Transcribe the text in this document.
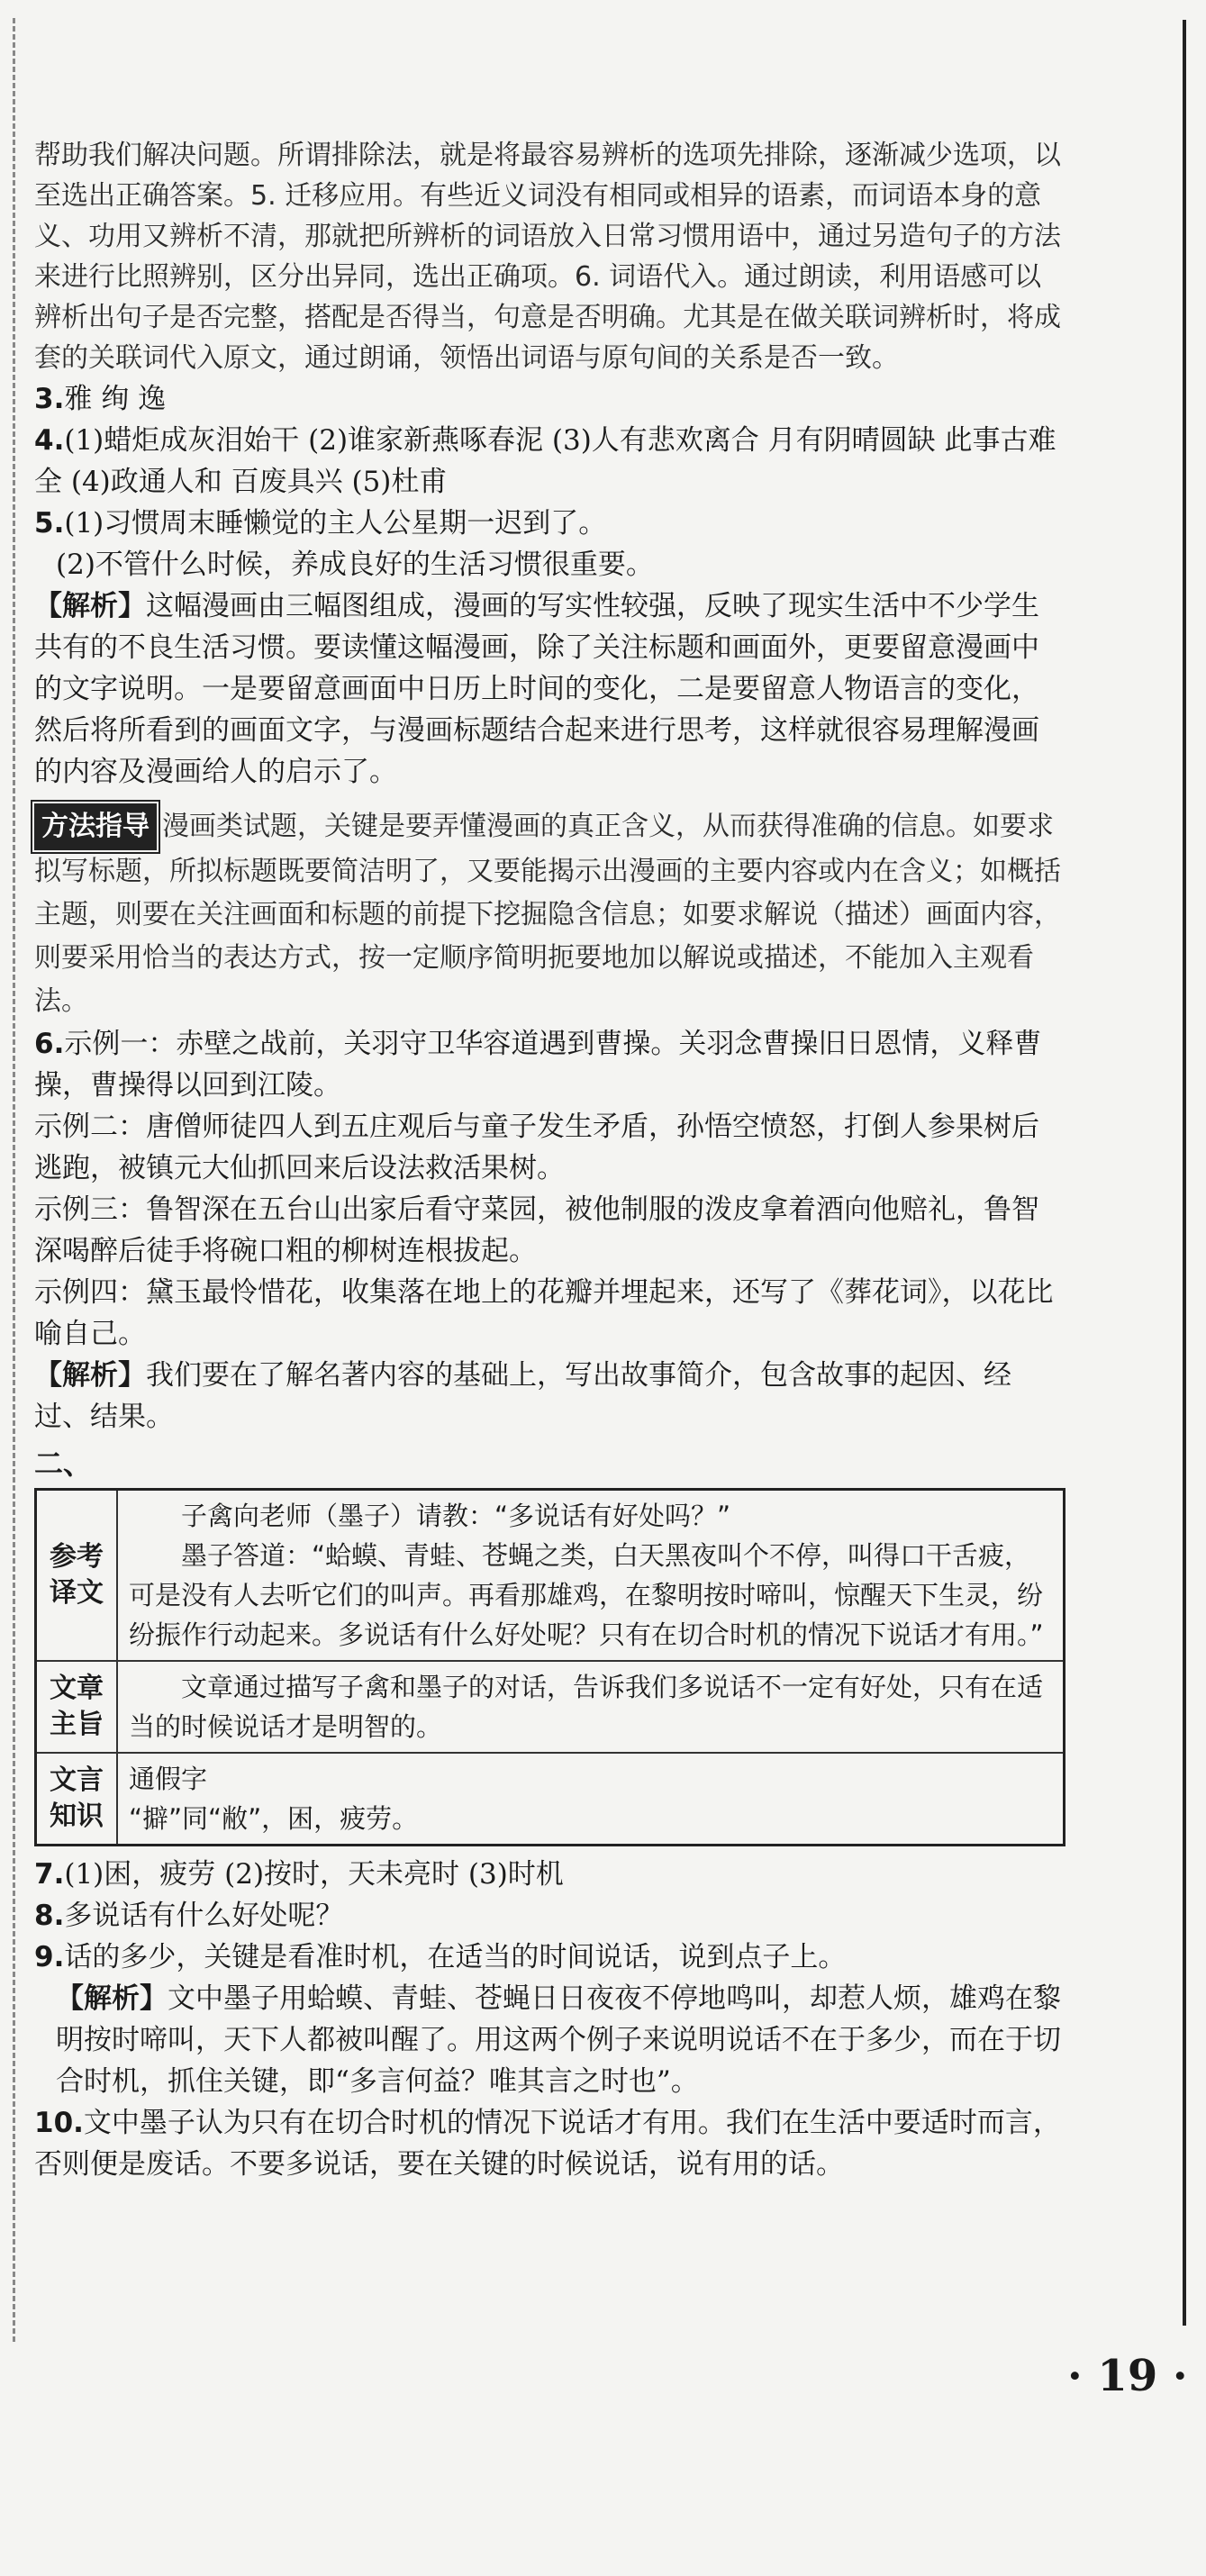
帮助我们解决问题。所谓排除法，就是将最容易辨析的选项先排除，逐渐减少选项，以至选出正确答案。5. 迁移应用。有些近义词没有相同或相异的语素，而词语本身的意义、功用又辨析不清，那就把所辨析的词语放入日常习惯用语中，通过另造句子的方法来进行比照辨别，区分出异同，选出正确项。6. 词语代入。通过朗读，利用语感可以辨析出句子是否完整，搭配是否得当，句意是否明确。尤其是在做关联词辨析时，将成套的关联词代入原文，通过朗诵，领悟出词语与原句间的关系是否一致。

3.雅 绚 逸

4.(1)蜡炬成灰泪始干 (2)谁家新燕啄春泥 (3)人有悲欢离合 月有阴晴圆缺 此事古难全 (4)政通人和 百废具兴 (5)杜甫

5.(1)习惯周末睡懒觉的主人公星期一迟到了。

(2)不管什么时候，养成良好的生活习惯很重要。

【解析】这幅漫画由三幅图组成，漫画的写实性较强，反映了现实生活中不少学生共有的不良生活习惯。要读懂这幅漫画，除了关注标题和画面外，更要留意漫画中的文字说明。一是要留意画面中日历上时间的变化，二是要留意人物语言的变化，然后将所看到的画面文字，与漫画标题结合起来进行思考，这样就很容易理解漫画的内容及漫画给人的启示了。

方法指导 漫画类试题，关键是要弄懂漫画的真正含义，从而获得准确的信息。如要求拟写标题，所拟标题既要简洁明了，又要能揭示出漫画的主要内容或内在含义；如概括主题，则要在关注画面和标题的前提下挖掘隐含信息；如要求解说（描述）画面内容，则要采用恰当的表达方式，按一定顺序简明扼要地加以解说或描述，不能加入主观看法。

6.示例一：赤壁之战前，关羽守卫华容道遇到曹操。关羽念曹操旧日恩情，义释曹操，曹操得以回到江陵。

示例二：唐僧师徒四人到五庄观后与童子发生矛盾，孙悟空愤怒，打倒人参果树后逃跑，被镇元大仙抓回来后设法救活果树。

示例三：鲁智深在五台山出家后看守菜园，被他制服的泼皮拿着酒向他赔礼，鲁智深喝醉后徒手将碗口粗的柳树连根拔起。

示例四：黛玉最怜惜花，收集落在地上的花瓣并埋起来，还写了《葬花词》，以花比喻自己。

【解析】我们要在了解名著内容的基础上，写出故事简介，包含故事的起因、经过、结果。

二、

参考译文	子禽向老师（墨子）请教：“多说话有好处吗？”

墨子答道：“蛤蟆、青蛙、苍蝇之类，白天黑夜叫个不停，叫得口干舌疲，可是没有人去听它们的叫声。再看那雄鸡，在黎明按时啼叫，惊醒天下生灵，纷纷振作行动起来。多说话有什么好处呢？只有在切合时机的情况下说话才有用。”

文章主旨	文章通过描写子禽和墨子的对话，告诉我们多说话不一定有好处，只有在适当的时候说话才是明智的。

文言知识	通假字

“擗”同“敝”，困，疲劳。

7.(1)困，疲劳 (2)按时，天未亮时 (3)时机

8.多说话有什么好处呢？

9.话的多少，关键是看准时机，在适当的时间说话，说到点子上。

【解析】文中墨子用蛤蟆、青蛙、苍蝇日日夜夜不停地鸣叫，却惹人烦，雄鸡在黎明按时啼叫，天下人都被叫醒了。用这两个例子来说明说话不在于多少，而在于切合时机，抓住关键，即“多言何益？唯其言之时也”。

10.文中墨子认为只有在切合时机的情况下说话才有用。我们在生活中要适时而言，否则便是废话。不要多说话，要在关键的时候说话，说有用的话。

· 19 ·
